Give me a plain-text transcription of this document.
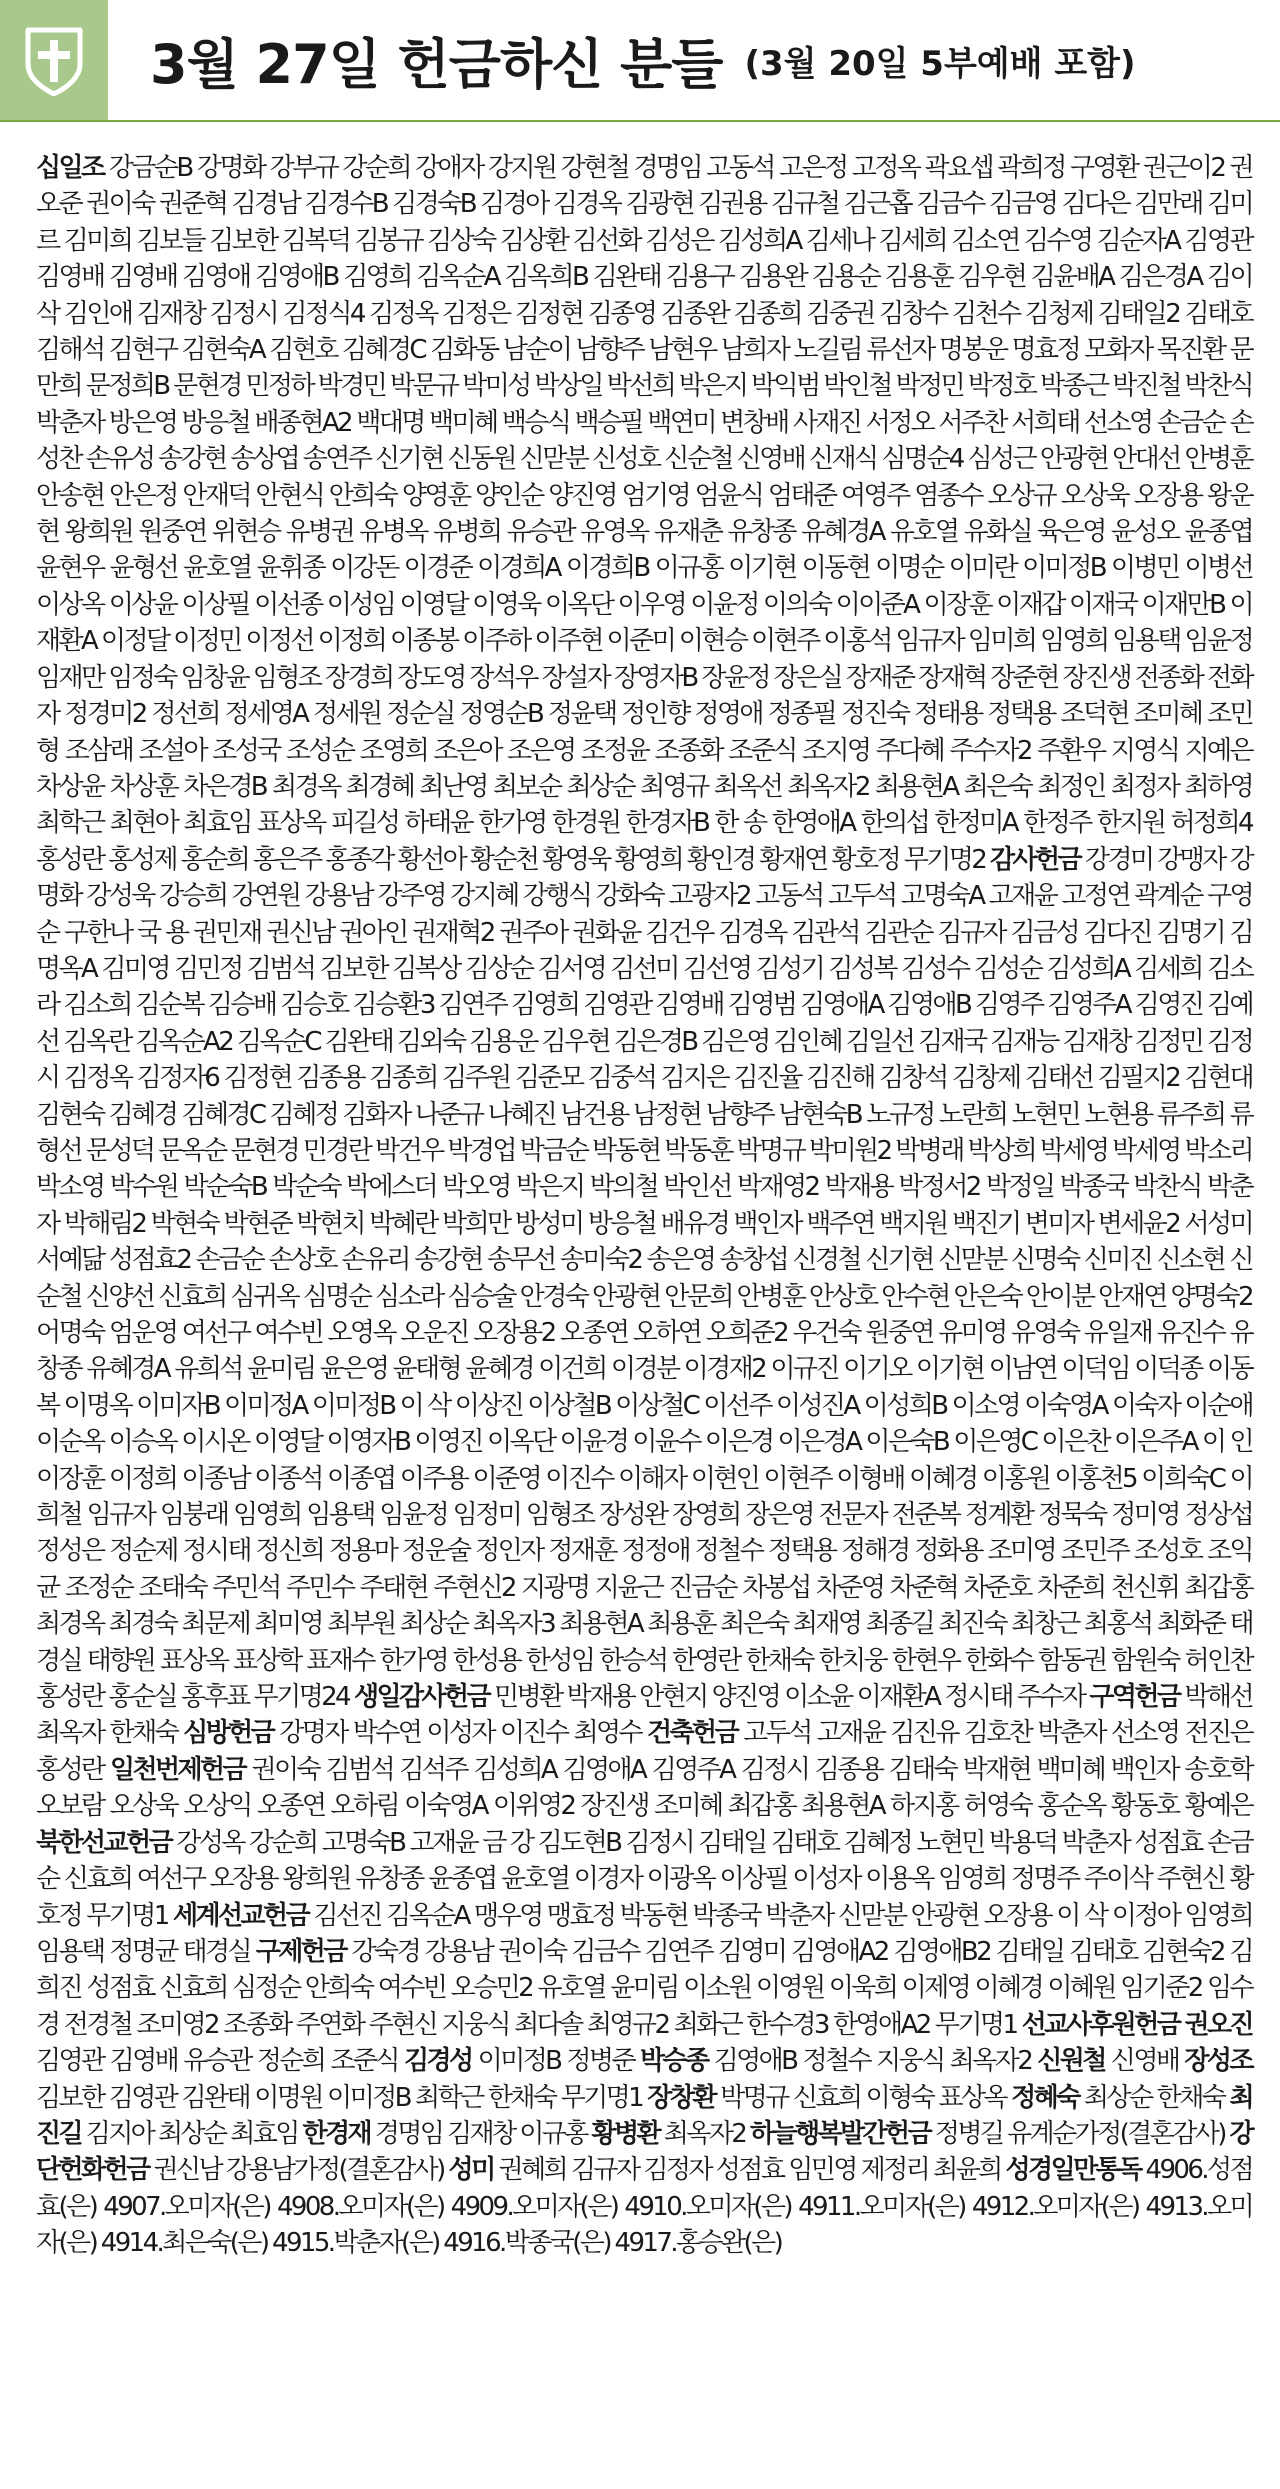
3월 27일 헌금하신 분들 (3월 20일 5부예배 포함)
십일조 강금순B 강명화 강부규 강순희 강애자 강지원 강현철 경명임 고동석 고은정 고정옥 곽요셉 곽희정 구영환 권근이2 권오준 권이숙 권준혁 김경남 김경수B 김경숙B 김경아 김경옥 김광현 김권용 김규철 김근홉 김금수 김금영 김다은 김만래 김미르 김미희 김보들 김보한 김복덕 김봉규 김상숙 김상환 김선화 김성은 김성희A 김세나 김세희 김소연 김수영 김순자A 김영관 김영배 김영배 김영애 김영애B 김영희 김옥순A 김옥희B 김완태 김용구 김용완 김용순 김용훈 김우현 김윤배A 김은경A 김이삭 김인애 김재창 김정시 김정식4 김정옥 김정은 김정현 김종영 김종완 김종희 김중권 김창수 김천수 김청제 김태일2 김태호 김해석 김현구 김현숙A 김현호 김혜경C 김화동 남순이 남향주 남현우 남희자 노길림 류선자 명봉운 명효정 모화자 목진환 문만희 문정희B 문현경 민정하 박경민 박문규 박미성 박상일 박선희 박은지 박익범 박인철 박정민 박정호 박종근 박진철 박찬식 박춘자 방은영 방응철 배종현A2 백대명 백미혜 백승식 백승필 백연미 변창배 사재진 서정오 서주찬 서희태 선소영 손금순 손성찬 손유성 송강현 송상엽 송연주 신기현 신동원 신맏분 신성호 신순철 신영배 신재식 심명순4 심성근 안광현 안대선 안병훈 안송현 안은정 안재덕 안현식 안희숙 양영훈 양인순 양진영 엄기영 엄윤식 엄태준 여영주 염종수 오상규 오상욱 오장용 왕운현 왕희원 원중연 위현승 유병권 유병옥 유병희 유승관 유영옥 유재춘 유창종 유혜경A 유호열 유화실 육은영 윤성오 윤종엽 윤현우 윤형선 윤호열 윤휘종 이강돈 이경준 이경희A 이경희B 이규홍 이기현 이동현 이명순 이미란 이미정B 이병민 이병선 이상옥 이상윤 이상필 이선종 이성임 이영달 이영욱 이옥단 이우영 이윤정 이의숙 이이준A 이장훈 이재갑 이재국 이재만B 이재환A 이정달 이정민 이정선 이정희 이종봉 이주하 이주현 이준미 이현승 이현주 이홍석 임규자 임미희 임영희 임용택 임윤정 임재만 임정숙 임창윤 임형조 장경희 장도영 장석우 장설자 장영자B 장윤정 장은실 장재준 장재혁 장준현 장진생 전종화 전화자 정경미2 정선희 정세영A 정세원 정순실 정영순B 정윤택 정인향 정영애 정종필 정진숙 정태용 정택용 조덕현 조미혜 조민형 조삼래 조설아 조성국 조성순 조영희 조은아 조은영 조정윤 조종화 조준식 조지영 주다혜 주수자2 주환우 지영식 지예은 차상윤 차상훈 차은경B 최경옥 최경혜 최난영 최보순 최상순 최영규 최옥선 최옥자2 최용현A 최은숙 최정인 최정자 최하영 최학근 최현아 최효임 표상옥 피길성 하태윤 한가영 한경원 한경자B 한 송 한영애A 한의섭 한정미A 한정주 한지원 허정희4 홍성란 홍성제 홍순희 홍은주 홍종각 황선아 황순천 황영욱 황영희 황인경 황재연 황호정 무기명2 감사헌금 강경미 강맹자 강명화 강성욱 강승희 강연원 강용남 강주영 강지혜 강행식 강화숙 고광자2 고동석 고두석 고명숙A 고재윤 고정연 곽계순 구영순 구한나 국 용 권민재 권신남 권아인 권재혁2 권주아 권화윤 김건우 김경옥 김관석 김관순 김규자 김금성 김다진 김명기 김명옥A 김미영 김민정 김범석 김보한 김복상 김상순 김서영 김선미 김선영 김성기 김성복 김성수 김성순 김성희A 김세희 김소라 김소희 김순복 김승배 김승호 김승환3 김연주 김영희 김영관 김영배 김영범 김영애A 김영애B 김영주 김영주A 김영진 김예선 김옥란 김옥순A2 김옥순C 김완태 김외숙 김용운 김우현 김은경B 김은영 김인혜 김일선 김재국 김재능 김재창 김정민 김정시 김정옥 김정자6 김정현 김종용 김종희 김주원 김준모 김중석 김지은 김진율 김진해 김창석 김창제 김태선 김필지2 김현대 김현숙 김혜경 김혜경C 김혜정 김화자 나준규 나혜진 남건용 남정현 남향주 남현숙B 노규정 노란희 노현민 노현용 류주희 류형선 문성덕 문옥순 문현경 민경란 박건우 박경업 박금순 박동현 박동훈 박명규 박미원2 박병래 박상희 박세영 박세영 박소리 박소영 박수원 박순숙B 박순숙 박에스더 박오영 박은지 박의철 박인선 박재영2 박재용 박정서2 박정일 박종국 박찬식 박춘자 박해림2 박현숙 박현준 박현치 박혜란 박희만 방성미 방응철 배유경 백인자 백주연 백지원 백진기 변미자 변세윤2 서성미 서예닮 성점효2 손금순 손상호 손유리 송강현 송무선 송미숙2 송은영 송창섭 신경철 신기현 신맏분 신명숙 신미진 신소현 신순철 신양선 신효희 심귀옥 심명순 심소라 심승술 안경숙 안광현 안문희 안병훈 안상호 안수현 안은숙 안이분 안재연 양명숙2 어명숙 엄운영 여선구 여수빈 오영옥 오운진 오장용2 오종연 오하연 오희준2 우건숙 원중연 유미영 유영숙 유일재 유진수 유창종 유혜경A 유희석 윤미림 윤은영 윤태형 윤혜경 이건희 이경분 이경재2 이규진 이기오 이기현 이남연 이덕임 이덕종 이동복 이명옥 이미자B 이미정A 이미정B 이 삭 이상진 이상철B 이상철C 이선주 이성진A 이성희B 이소영 이숙영A 이숙자 이순애 이순옥 이승옥 이시온 이영달 이영자B 이영진 이옥단 이윤경 이윤수 이은경 이은경A 이은숙B 이은영C 이은찬 이은주A 이 인 이장훈 이정희 이종남 이종석 이종엽 이주용 이준영 이진수 이해자 이현인 이현주 이형배 이혜경 이홍원 이홍천5 이희숙C 이희철 임규자 임붕래 임영희 임용택 임윤정 임정미 임형조 장성완 장영희 장은영 전문자 전준복 정계환 정묵숙 정미영 정상섭 정성은 정순제 정시태 정신희 정용마 정운술 정인자 정재훈 정정애 정철수 정택용 정해경 정화용 조미영 조민주 조성호 조익균 조정순 조태숙 주민석 주민수 주태현 주현신2 지광명 지윤근 진금순 차봉섭 차준영 차준혁 차준호 차준희 천신휘 최갑홍 최경옥 최경숙 최문제 최미영 최부원 최상순 최옥자3 최용현A 최용훈 최은숙 최재영 최종길 최진숙 최창근 최홍석 최화준 태경실 태향원 표상옥 표상학 표재수 한가영 한성용 한성임 한승석 한영란 한채숙 한치웅 한현우 한화수 함동권 함원숙 허인찬 홍성란 홍순실 홍후표 무기명24 생일감사헌금 민병환 박재용 안현지 양진영 이소윤 이재환A 정시태 주수자 구역헌금 박해선 최옥자 한채숙 심방헌금 강명자 박수연 이성자 이진수 최영수 건축헌금 고두석 고재윤 김진유 김호찬 박춘자 선소영 전진은 홍성란 일천번제헌금 권이숙 김범석 김석주 김성희A 김영애A 김영주A 김정시 김종용 김태숙 박재현 백미혜 백인자 송호학 오보람 오상욱 오상익 오종연 오하림 이숙영A 이위영2 장진생 조미혜 최갑홍 최용현A 하지홍 허영숙 홍순옥 황동호 황예은 북한선교헌금 강성옥 강순희 고명숙B 고재윤 금 강 김도현B 김정시 김태일 김태호 김혜정 노현민 박용덕 박춘자 성점효 손금순 신효희 여선구 오장용 왕희원 유창종 윤종엽 윤호열 이경자 이광옥 이상필 이성자 이용옥 임영희 정명주 주이삭 주현신 황호정 무기명1 세계선교헌금 김선진 김옥순A 맹우영 맹효정 박동현 박종국 박춘자 신맏분 안광현 오장용 이 삭 이정아 임영희 임용택 정명균 태경실 구제헌금 강숙경 강용남 권이숙 김금수 김연주 김영미 김영애A2 김영애B2 김태일 김태호 김현숙2 김희진 성점효 신효희 심정순 안희숙 여수빈 오승민2 유호열 윤미림 이소원 이영원 이욱희 이제영 이혜경 이혜원 임기준2 임수경 전경철 조미영2 조종화 주연화 주현신 지웅식 최다솔 최영규2 최화근 한수경3 한영애A2 무기명1 선교사후원헌금 권오진 김영관 김영배 유승관 정순희 조준식 김경성 이미정B 정병준 박승종 김영애B 정철수 지웅식 최옥자2 신원철 신영배 장성조 김보한 김영관 김완태 이명원 이미정B 최학근 한채숙 무기명1 장창환 박명규 신효희 이형숙 표상옥 정혜숙 최상순 한채숙 최진길 김지아 최상순 최효임 한경재 경명임 김재창 이규홍 황병환 최옥자2 하늘행복발간헌금 정병길 유계순가정(결혼감사) 강단헌화헌금 권신남 강용남가정(결혼감사) 성미 권혜희 김규자 김정자 성점효 임민영 제정리 최윤희 성경일만통독 4906.성점효(은) 4907.오미자(은) 4908.오미자(은) 4909.오미자(은) 4910.오미자(은) 4911.오미자(은) 4912.오미자(은) 4913.오미자(은) 4914.최은숙(은) 4915.박춘자(은) 4916.박종국(은) 4917.홍승완(은)
